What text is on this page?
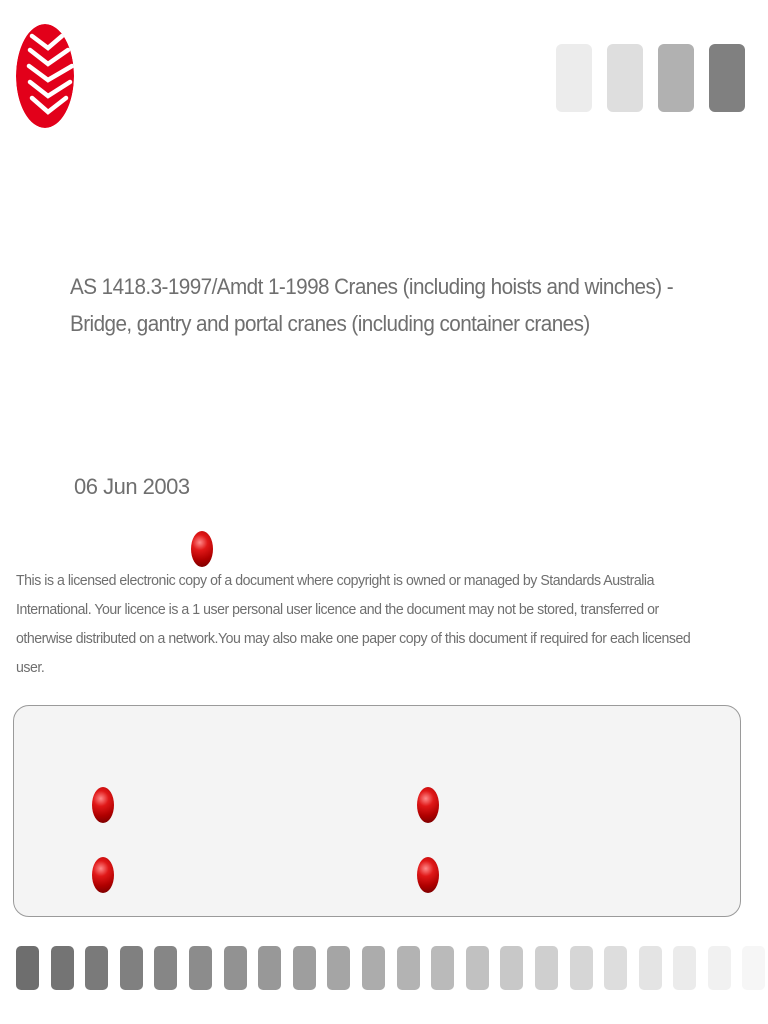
AS 1418.3-1997/Amdt 1-1998 Cranes (including hoists and winches) - Bridge, gantry and portal cranes (including container cranes)
06 Jun 2003
This is a licensed electronic copy of a document where copyright is owned or managed by Standards Australia International. Your licence is a 1 user personal user licence and the document may not be stored, transferred or otherwise distributed on a network.You may also make one paper copy of this document if required for each licensed user.
